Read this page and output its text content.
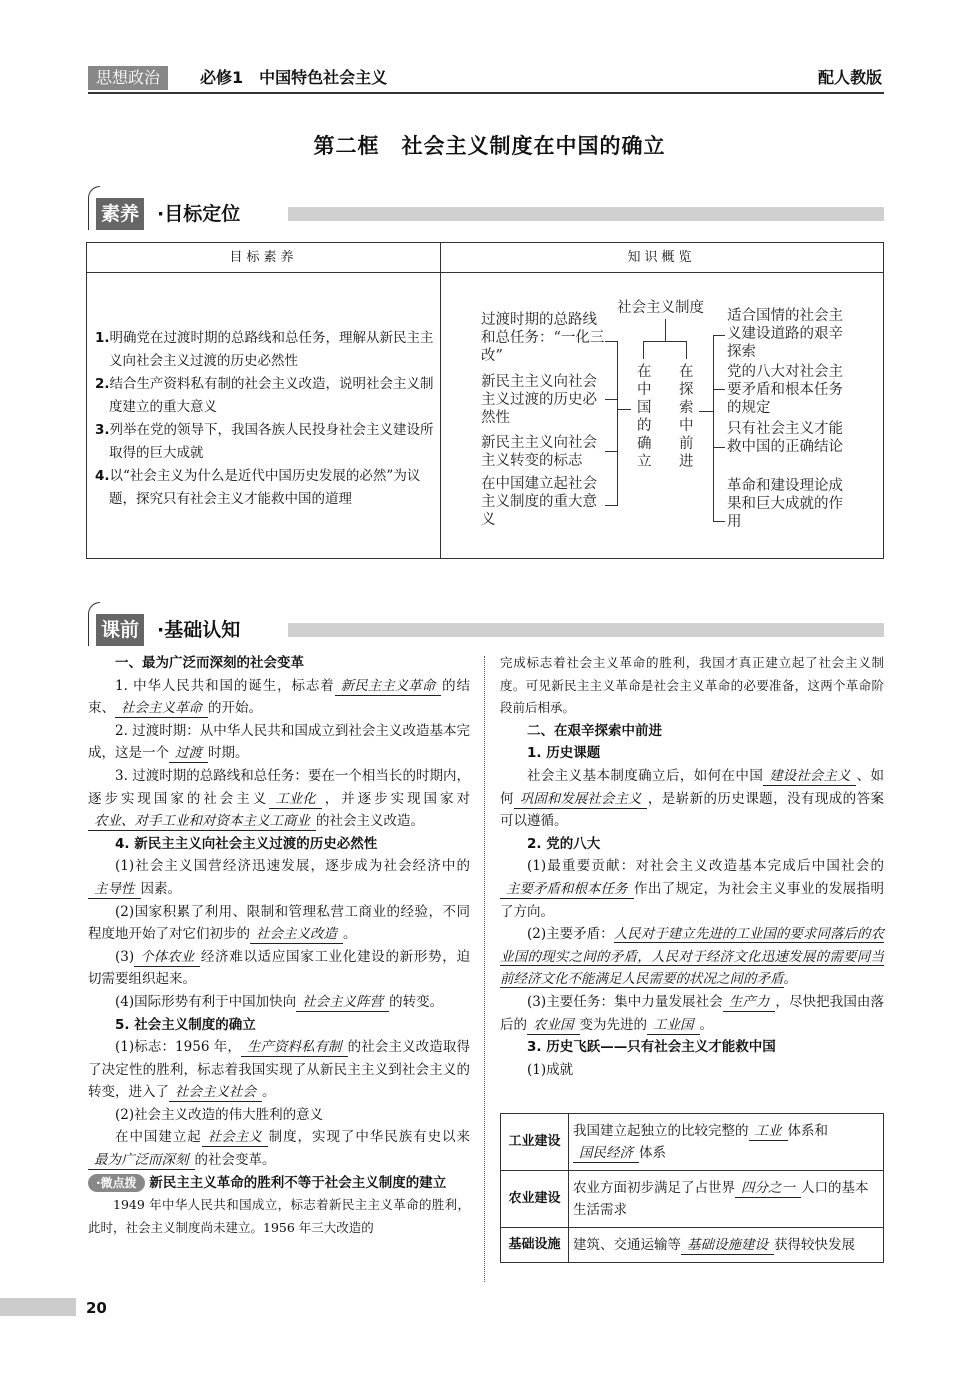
思想政治	必修1　中国特色社会主义	配人教版
第二框　社会主义制度在中国的确立
素养 ·目标定位
目标素养	知识概览

1.明确党在过渡时期的总路线和总任务，理解从新民主主义向社会主义过渡的历史必然性

2.结合生产资料私有制的社会主义改造，说明社会主义制度建立的重大意义

3.列举在党的领导下，我国各族人民投身社会主义建设所取得的巨大成就

4.以“社会主义为什么是近代中国历史发展的必然”为议题，探究只有社会主义才能救中国的道理

社会主义制度
在中国的确立
在探索中前进
过渡时期的总路线和总任务：“一化三改”
新民主主义向社会主义过渡的历史必然性
新民主主义向社会主义转变的标志
在中国建立起社会主义制度的重大意义
适合国情的社会主义建设道路的艰辛探索
党的八大对社会主要矛盾和根本任务的规定
只有社会主义才能救中国的正确结论
革命和建设理论成果和巨大成就的作用
课前 ·基础认知

一、最为广泛而深刻的社会变革

1. 中华人民共和国的诞生，标志着 新民主主义革命 的结束、 社会主义革命 的开始。

2. 过渡时期：从中华人民共和国成立到社会主义改造基本完成，这是一个 过渡 时期。

3. 过渡时期的总路线和总任务：要在一个相当长的时期内，逐步实现国家的社会主义 工业化 ，并逐步实现国家对农业、对手工业和对资本主义工商业 的社会主义改造。

4. 新民主主义向社会主义过渡的历史必然性

(1)社会主义国营经济迅速发展，逐步成为社会经济中的主导性 因素。

(2)国家积累了利用、限制和管理私营工商业的经验，不同程度地开始了对它们初步的 社会主义改造 。

(3) 个体农业 经济难以适应国家工业化建设的新形势，迫切需要组织起来。

(4)国际形势有利于中国加快向 社会主义阵营 的转变。

5. 社会主义制度的确立

(1)标志：1956 年， 生产资料私有制 的社会主义改造取得了决定性的胜利，标志着我国实现了从新民主主义到社会主义的转变，进入了 社会主义社会 。

(2)社会主义改造的伟大胜利的意义

在中国建立起 社会主义 制度，实现了中华民族有史以来最为广泛而深刻 的社会变革。

·微点拨 新民主主义革命的胜利不等于社会主义制度的建立

1949 年中华人民共和国成立，标志着新民主主义革命的胜利，此时，社会主义制度尚未建立。1956 年三大改造的

完成标志着社会主义革命的胜利，我国才真正建立起了社会主义制度。可见新民主主义革命是社会主义革命的必要准备，这两个革命阶段前后相承。

二、在艰辛探索中前进

1. 历史课题

社会主义基本制度确立后，如何在中国 建设社会主义 、如何 巩固和发展社会主义 ，是崭新的历史课题，没有现成的答案可以遵循。

2. 党的八大

(1)最重要贡献：对社会主义改造基本完成后中国社会的主要矛盾和根本任务 作出了规定，为社会主义事业的发展指明了方向。

(2)主要矛盾：人民对于建立先进的工业国的要求同落后的农业国的现实之间的矛盾，人民对于经济文化迅速发展的需要同当前经济文化不能满足人民需要的状况之间的矛盾。

(3)主要任务：集中力量发展社会 生产力 ，尽快把我国由落后的 农业国 变为先进的 工业国 。

3. 历史飞跃——只有社会主义才能救中国

(1)成就

工业建设	我国建立起独立的比较完整的 工业 体系和国民经济 体系
农业建设	农业方面初步满足了占世界 四分之一 人口的基本生活需求
基础设施	建筑、交通运输等 基础设施建设 获得较快发展
20
